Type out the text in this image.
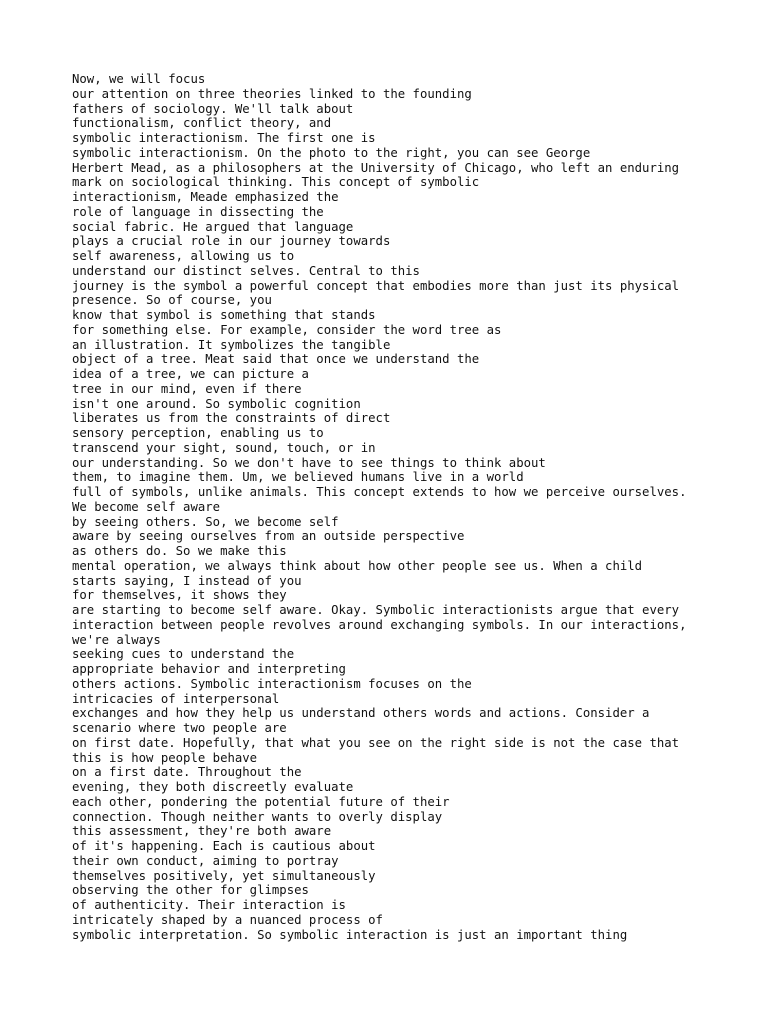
Now, we will focus
our attention on three theories linked to the founding
fathers of sociology. We'll talk about
functionalism, conflict theory, and
symbolic interactionism. The first one is
symbolic interactionism. On the photo to the right, you can see George
Herbert Mead, as a philosophers at the University of Chicago, who left an enduring
mark on sociological thinking. This concept of symbolic
interactionism, Meade emphasized the
role of language in dissecting the
social fabric. He argued that language
plays a crucial role in our journey towards
self awareness, allowing us to
understand our distinct selves. Central to this
journey is the symbol a powerful concept that embodies more than just its physical
presence. So of course, you
know that symbol is something that stands
for something else. For example, consider the word tree as
an illustration. It symbolizes the tangible
object of a tree. Meat said that once we understand the
idea of a tree, we can picture a
tree in our mind, even if there
isn't one around. So symbolic cognition
liberates us from the constraints of direct
sensory perception, enabling us to
transcend your sight, sound, touch, or in
our understanding. So we don't have to see things to think about
them, to imagine them. Um, we believed humans live in a world
full of symbols, unlike animals. This concept extends to how we perceive ourselves.
We become self aware
by seeing others. So, we become self
aware by seeing ourselves from an outside perspective
as others do. So we make this
mental operation, we always think about how other people see us. When a child
starts saying, I instead of you
for themselves, it shows they
are starting to become self aware. Okay. Symbolic interactionists argue that every
interaction between people revolves around exchanging symbols. In our interactions,
we're always
seeking cues to understand the
appropriate behavior and interpreting
others actions. Symbolic interactionism focuses on the
intricacies of interpersonal
exchanges and how they help us understand others words and actions. Consider a
scenario where two people are
on first date. Hopefully, that what you see on the right side is not the case that
this is how people behave
on a first date. Throughout the
evening, they both discreetly evaluate
each other, pondering the potential future of their
connection. Though neither wants to overly display
this assessment, they're both aware
of it's happening. Each is cautious about
their own conduct, aiming to portray
themselves positively, yet simultaneously
observing the other for glimpses
of authenticity. Their interaction is
intricately shaped by a nuanced process of
symbolic interpretation. So symbolic interaction is just an important thing
